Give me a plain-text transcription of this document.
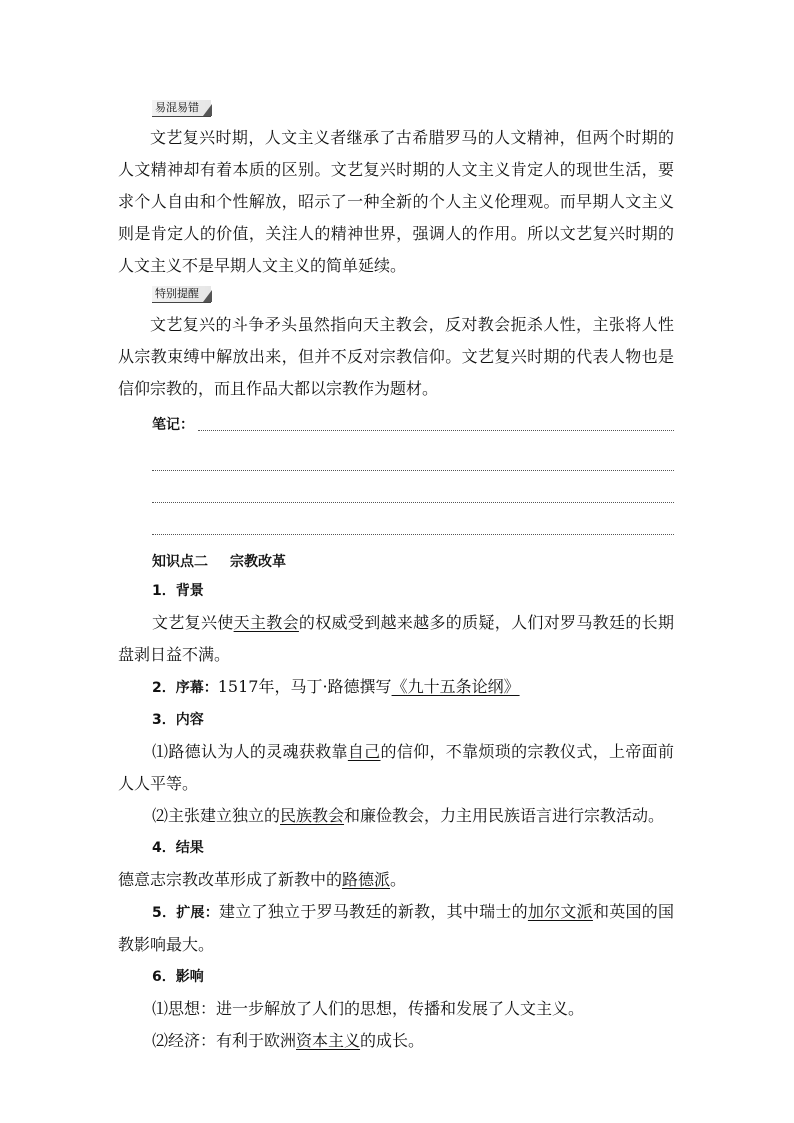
易混易错

文艺复兴时期，人文主义者继承了古希腊罗马的人文精神，但两个时期的人文精神却有着本质的区别。文艺复兴时期的人文主义肯定人的现世生活，要求个人自由和个性解放，昭示了一种全新的个人主义伦理观。而早期人文主义则是肯定人的价值，关注人的精神世界，强调人的作用。所以文艺复兴时期的人文主义不是早期人文主义的简单延续。

特别提醒

文艺复兴的斗争矛头虽然指向天主教会，反对教会扼杀人性，主张将人性从宗教束缚中解放出来，但并不反对宗教信仰。文艺复兴时期的代表人物也是信仰宗教的，而且作品大都以宗教作为题材。

笔记：
知识点二 宗教改革
1．背景
文艺复兴使天主教会的权威受到越来越多的质疑，人们对罗马教廷的长期盘剥日益不满。
2．序幕：1517年，马丁·路德撰写《九十五条论纲》
3．内容
⑴路德认为人的灵魂获救靠自己的信仰，不靠烦琐的宗教仪式，上帝面前人人平等。
⑵主张建立独立的民族教会和廉俭教会，力主用民族语言进行宗教活动。
4．结果
德意志宗教改革形成了新教中的路德派。
5．扩展：建立了独立于罗马教廷的新教，其中瑞士的加尔文派和英国的国教影响最大。
6．影响
⑴思想：进一步解放了人们的思想，传播和发展了人文主义。
⑵经济：有利于欧洲资本主义的成长。
